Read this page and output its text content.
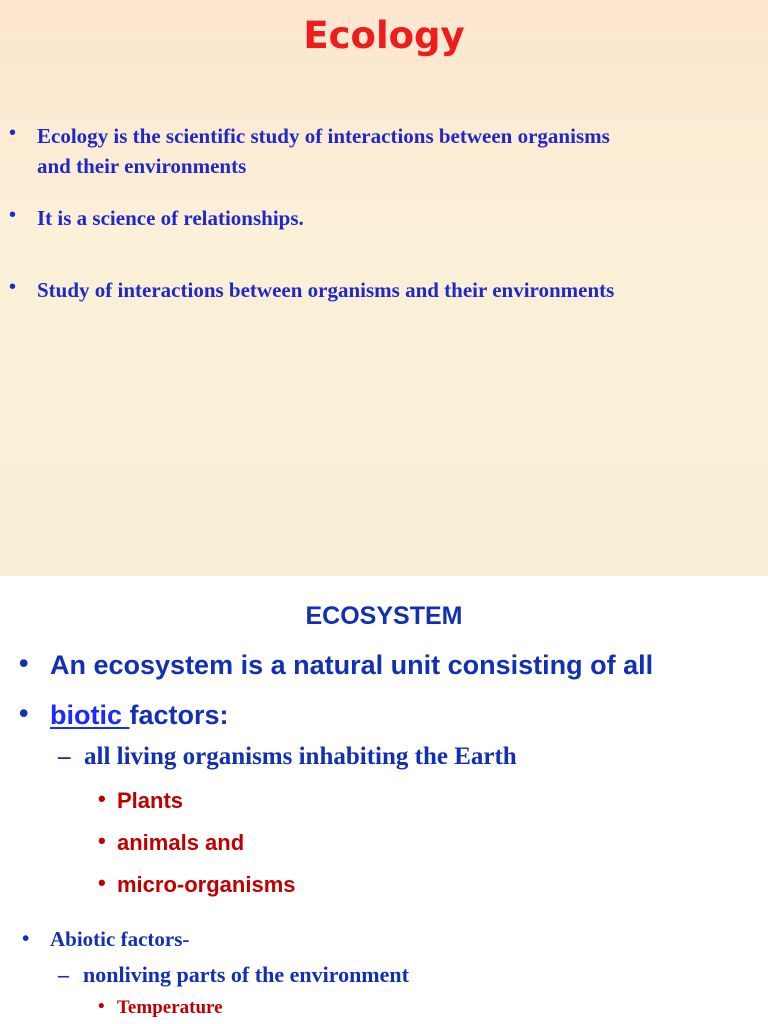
Ecology
• Ecology is the scientific study of interactions between organisms
and their environments
• It is a science of relationships.
• Study of interactions between organisms and their environments
ECOSYSTEM
• An ecosystem is a natural unit consisting of all
• biotic factors:
– all living organisms inhabiting the Earth
• Plants
• animals and
• micro-organisms
• Abiotic factors-
– nonliving parts of the environment
• Temperature
